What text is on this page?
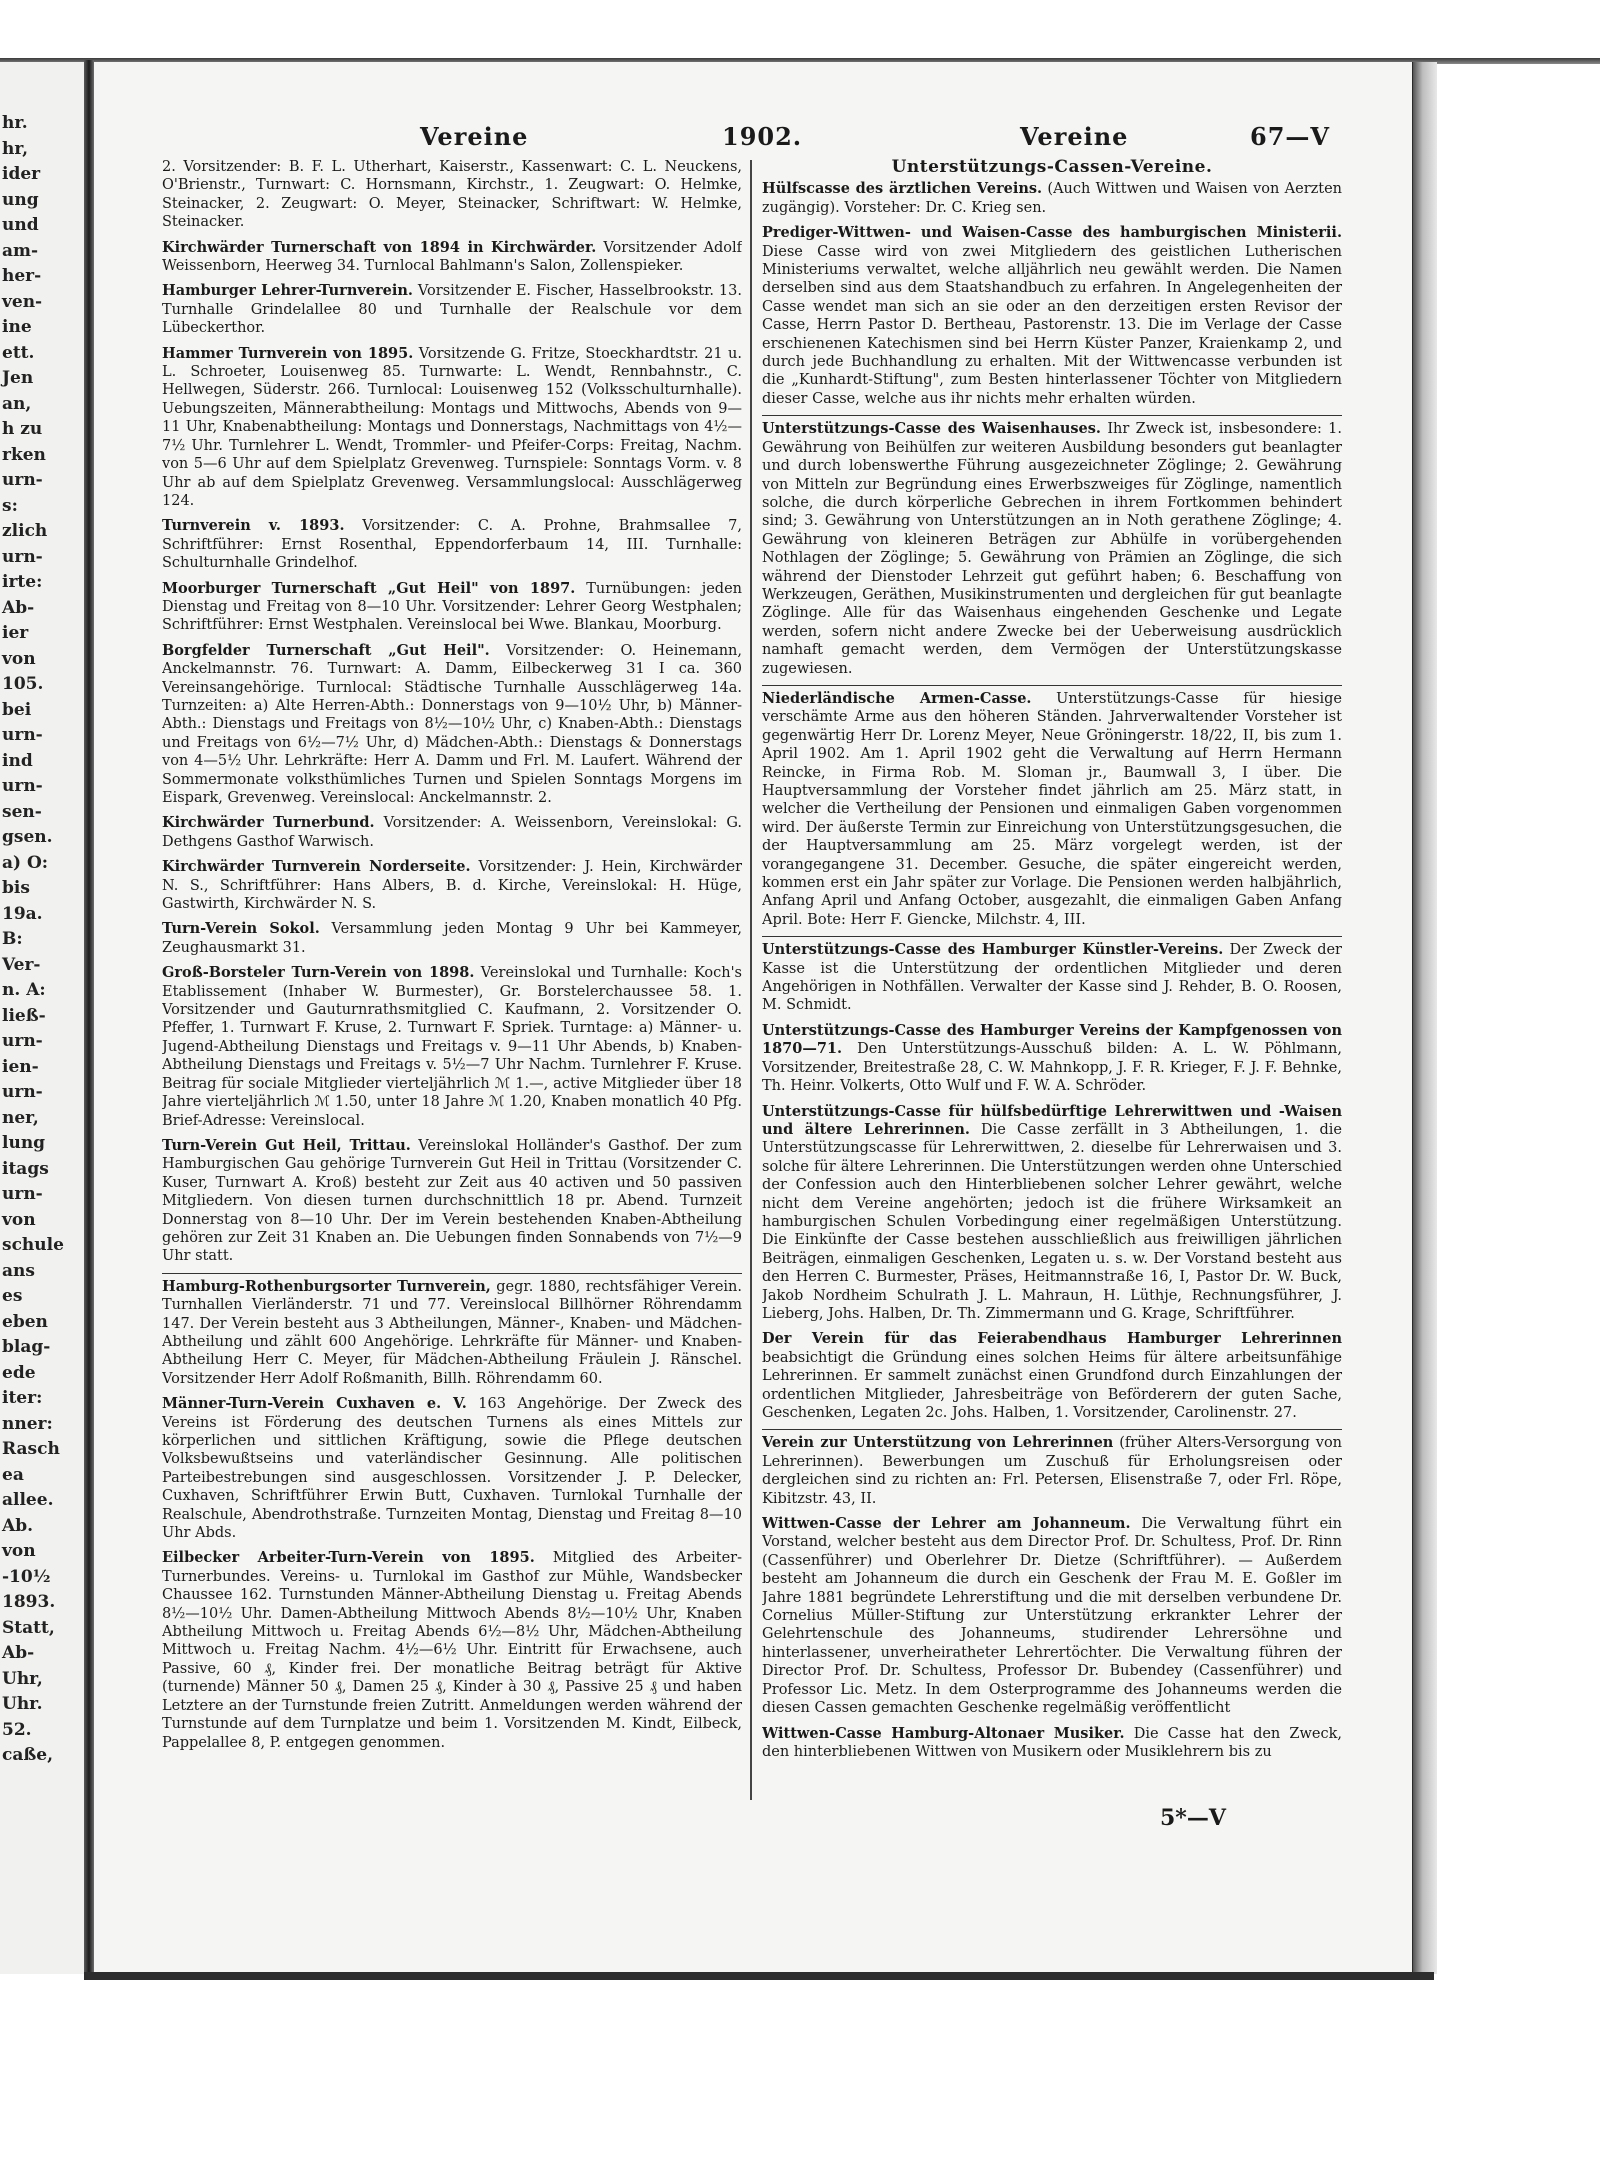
hr.
hr,
ider
ung
und
am-
her-
ven-
ine
ett.
Jen
an,
h zu
rken
urn-
s:
zlich
urn-
irte:
Ab-
ier
von
105.
bei
urn-
ind
urn-
sen-
gsen.
a) O:
bis
19a.
B:
Ver-
n. A:
ließ-
urn-
ien-
urn-
ner,
lung
itags
urn-
von
schule
ans
es
eben
blag-
ede
iter:
nner:
Rasch
ea
allee.
Ab.
von
-10½
1893.
Statt,
Ab-
Uhr,
Uhr.
52.
caße,
Vereine	1902.	Vereine	67—V
2. Vorsitzender: B. F. L. Utherhart, Kaiserstr., Kassenwart: C. L. Neuckens, O'Brienstr., Turnwart: C. Hornsmann, Kirchstr., 1. Zeugwart: O. Helmke, Steinacker, 2. Zeugwart: O. Meyer, Steinacker, Schriftwart: W. Helmke, Steinacker.
Kirchwärder Turnerschaft von 1894 in Kirchwärder. Vorsitzender Adolf Weissenborn, Heerweg 34. Turnlocal Bahlmann's Salon, Zollenspieker.
Hamburger Lehrer-Turnverein. Vorsitzender E. Fischer, Hasselbrookstr. 13. Turnhalle Grindelallee 80 und Turnhalle der Realschule vor dem Lübeckerthor.
Hammer Turnverein von 1895. Vorsitzende G. Fritze, Stoeckhardtstr. 21 u. L. Schroeter, Louisenweg 85. Turnwarte: L. Wendt, Rennbahnstr., C. Hellwegen, Süderstr. 266. Turnlocal: Louisenweg 152 (Volksschulturnhalle). Uebungszeiten, Männerabtheilung: Montags und Mittwochs, Abends von 9—11 Uhr, Knabenabtheilung: Montags und Donnerstags, Nachmittags von 4½—7½ Uhr. Turnlehrer L. Wendt, Trommler- und Pfeifer-Corps: Freitag, Nachm. von 5—6 Uhr auf dem Spielplatz Grevenweg. Turnspiele: Sonntags Vorm. v. 8 Uhr ab auf dem Spielplatz Grevenweg. Versammlungslocal: Ausschlägerweg 124.
Turnverein v. 1893. Vorsitzender: C. A. Prohne, Brahmsallee 7, Schriftführer: Ernst Rosenthal, Eppendorferbaum 14, III. Turnhalle: Schulturnhalle Grindelhof.
Moorburger Turnerschaft „Gut Heil" von 1897. Turnübungen: jeden Dienstag und Freitag von 8—10 Uhr. Vorsitzender: Lehrer Georg Westphalen; Schriftführer: Ernst Westphalen. Vereinslocal bei Wwe. Blankau, Moorburg.
Borgfelder Turnerschaft „Gut Heil". Vorsitzender: O. Heinemann, Anckelmannstr. 76. Turnwart: A. Damm, Eilbeckerweg 31 I ca. 360 Vereinsangehörige. Turnlocal: Städtische Turnhalle Ausschlägerweg 14a. Turnzeiten: a) Alte Herren-Abth.: Donnerstags von 9—10½ Uhr, b) Männer-Abth.: Dienstags und Freitags von 8½—10½ Uhr, c) Knaben-Abth.: Dienstags und Freitags von 6½—7½ Uhr, d) Mädchen-Abth.: Dienstags & Donnerstags von 4—5½ Uhr. Lehrkräfte: Herr A. Damm und Frl. M. Laufert. Während der Sommermonate volksthümliches Turnen und Spielen Sonntags Morgens im Eispark, Grevenweg. Vereinslocal: Anckelmannstr. 2.
Kirchwärder Turnerbund. Vorsitzender: A. Weissenborn, Vereinslokal: G. Dethgens Gasthof Warwisch.
Kirchwärder Turnverein Norderseite. Vorsitzender: J. Hein, Kirchwärder N. S., Schriftführer: Hans Albers, B. d. Kirche, Vereinslokal: H. Hüge, Gastwirth, Kirchwärder N. S.
Turn-Verein Sokol. Versammlung jeden Montag 9 Uhr bei Kammeyer, Zeughausmarkt 31.
Groß-Borsteler Turn-Verein von 1898. Vereinslokal und Turnhalle: Koch's Etablissement (Inhaber W. Burmester), Gr. Borstelerchaussee 58. 1. Vorsitzender und Gauturnrathsmitglied C. Kaufmann, 2. Vorsitzender O. Pfeffer, 1. Turnwart F. Kruse, 2. Turnwart F. Spriek. Turntage: a) Männer- u. Jugend-Abtheilung Dienstags und Freitags v. 9—11 Uhr Abends, b) Knaben-Abtheilung Dienstags und Freitags v. 5½—7 Uhr Nachm. Turnlehrer F. Kruse. Beitrag für sociale Mitglieder vierteljährlich ℳ 1.—, active Mitglieder über 18 Jahre vierteljährlich ℳ 1.50, unter 18 Jahre ℳ 1.20, Knaben monatlich 40 Pfg. Brief-Adresse: Vereinslocal.
Turn-Verein Gut Heil, Trittau. Vereinslokal Holländer's Gasthof. Der zum Hamburgischen Gau gehörige Turnverein Gut Heil in Trittau (Vorsitzender C. Kuser, Turnwart A. Kroß) besteht zur Zeit aus 40 activen und 50 passiven Mitgliedern. Von diesen turnen durchschnittlich 18 pr. Abend. Turnzeit Donnerstag von 8—10 Uhr. Der im Verein bestehenden Knaben-Abtheilung gehören zur Zeit 31 Knaben an. Die Uebungen finden Sonnabends von 7½—9 Uhr statt.
Hamburg-Rothenburgsorter Turnverein, gegr. 1880, rechtsfähiger Verein. Turnhallen Vierländerstr. 71 und 77. Vereinslocal Billhörner Röhrendamm 147. Der Verein besteht aus 3 Abtheilungen, Männer-, Knaben- und Mädchen-Abtheilung und zählt 600 Angehörige. Lehrkräfte für Männer- und Knaben-Abtheilung Herr C. Meyer, für Mädchen-Abtheilung Fräulein J. Ränschel. Vorsitzender Herr Adolf Roßmanith, Billh. Röhrendamm 60.
Männer-Turn-Verein Cuxhaven e. V. 163 Angehörige. Der Zweck des Vereins ist Förderung des deutschen Turnens als eines Mittels zur körperlichen und sittlichen Kräftigung, sowie die Pflege deutschen Volksbewußtseins und vaterländischer Gesinnung. Alle politischen Parteibestrebungen sind ausgeschlossen. Vorsitzender J. P. Delecker, Cuxhaven, Schriftführer Erwin Butt, Cuxhaven. Turnlokal Turnhalle der Realschule, Abendrothstraße. Turnzeiten Montag, Dienstag und Freitag 8—10 Uhr Abds.
Eilbecker Arbeiter-Turn-Verein von 1895. Mitglied des Arbeiter-Turnerbundes. Vereins- u. Turnlokal im Gasthof zur Mühle, Wandsbecker Chaussee 162. Turnstunden Männer-Abtheilung Dienstag u. Freitag Abends 8½—10½ Uhr. Damen-Abtheilung Mittwoch Abends 8½—10½ Uhr, Knaben Abtheilung Mittwoch u. Freitag Abends 6½—8½ Uhr, Mädchen-Abtheilung Mittwoch u. Freitag Nachm. 4½—6½ Uhr. Eintritt für Erwachsene, auch Passive, 60 ₰, Kinder frei. Der monatliche Beitrag beträgt für Aktive (turnende) Männer 50 ₰, Damen 25 ₰, Kinder à 30 ₰, Passive 25 ₰ und haben Letztere an der Turnstunde freien Zutritt. Anmeldungen werden während der Turnstunde auf dem Turnplatze und beim 1. Vorsitzenden M. Kindt, Eilbeck, Pappelallee 8, P. entgegen genommen.
Unterstützungs-Cassen-Vereine.
Hülfscasse des ärztlichen Vereins. (Auch Wittwen und Waisen von Aerzten zugängig). Vorsteher: Dr. C. Krieg sen.
Prediger-Wittwen- und Waisen-Casse des hamburgischen Ministerii. Diese Casse wird von zwei Mitgliedern des geistlichen Lutherischen Ministeriums verwaltet, welche alljährlich neu gewählt werden. Die Namen derselben sind aus dem Staatshandbuch zu erfahren. In Angelegenheiten der Casse wendet man sich an sie oder an den derzeitigen ersten Revisor der Casse, Herrn Pastor D. Bertheau, Pastorenstr. 13. Die im Verlage der Casse erschienenen Katechismen sind bei Herrn Küster Panzer, Kraienkamp 2, und durch jede Buchhandlung zu erhalten. Mit der Wittwencasse verbunden ist die „Kunhardt-Stiftung", zum Besten hinterlassener Töchter von Mitgliedern dieser Casse, welche aus ihr nichts mehr erhalten würden.
Unterstützungs-Casse des Waisenhauses. Ihr Zweck ist, insbesondere: 1. Gewährung von Beihülfen zur weiteren Ausbildung besonders gut beanlagter und durch lobenswerthe Führung ausgezeichneter Zöglinge; 2. Gewährung von Mitteln zur Begründung eines Erwerbszweiges für Zöglinge, namentlich solche, die durch körperliche Gebrechen in ihrem Fortkommen behindert sind; 3. Gewährung von Unterstützungen an in Noth gerathene Zöglinge; 4. Gewährung von kleineren Beträgen zur Abhülfe in vorübergehenden Nothlagen der Zöglinge; 5. Gewährung von Prämien an Zöglinge, die sich während der Dienstoder Lehrzeit gut geführt haben; 6. Beschaffung von Werkzeugen, Geräthen, Musikinstrumenten und dergleichen für gut beanlagte Zöglinge. Alle für das Waisenhaus eingehenden Geschenke und Legate werden, sofern nicht andere Zwecke bei der Ueberweisung ausdrücklich namhaft gemacht werden, dem Vermögen der Unterstützungskasse zugewiesen.
Niederländische Armen-Casse. Unterstützungs-Casse für hiesige verschämte Arme aus den höheren Ständen. Jahrverwaltender Vorsteher ist gegenwärtig Herr Dr. Lorenz Meyer, Neue Gröningerstr. 18/22, II, bis zum 1. April 1902. Am 1. April 1902 geht die Verwaltung auf Herrn Hermann Reincke, in Firma Rob. M. Sloman jr., Baumwall 3, I über. Die Hauptversammlung der Vorsteher findet jährlich am 25. März statt, in welcher die Vertheilung der Pensionen und einmaligen Gaben vorgenommen wird. Der äußerste Termin zur Einreichung von Unterstützungsgesuchen, die der Hauptversammlung am 25. März vorgelegt werden, ist der vorangegangene 31. December. Gesuche, die später eingereicht werden, kommen erst ein Jahr später zur Vorlage. Die Pensionen werden halbjährlich, Anfang April und Anfang October, ausgezahlt, die einmaligen Gaben Anfang April. Bote: Herr F. Giencke, Milchstr. 4, III.
Unterstützungs-Casse des Hamburger Künstler-Vereins. Der Zweck der Kasse ist die Unterstützung der ordentlichen Mitglieder und deren Angehörigen in Nothfällen. Verwalter der Kasse sind J. Rehder, B. O. Roosen, M. Schmidt.
Unterstützungs-Casse des Hamburger Vereins der Kampfgenossen von 1870—71. Den Unterstützungs-Ausschuß bilden: A. L. W. Pöhlmann, Vorsitzender, Breitestraße 28, C. W. Mahnkopp, J. F. R. Krieger, F. J. F. Behnke, Th. Heinr. Volkerts, Otto Wulf und F. W. A. Schröder.
Unterstützungs-Casse für hülfsbedürftige Lehrerwittwen und -Waisen und ältere Lehrerinnen. Die Casse zerfällt in 3 Abtheilungen, 1. die Unterstützungscasse für Lehrerwittwen, 2. dieselbe für Lehrerwaisen und 3. solche für ältere Lehrerinnen. Die Unterstützungen werden ohne Unterschied der Confession auch den Hinterbliebenen solcher Lehrer gewährt, welche nicht dem Vereine angehörten; jedoch ist die frühere Wirksamkeit an hamburgischen Schulen Vorbedingung einer regelmäßigen Unterstützung. Die Einkünfte der Casse bestehen ausschließlich aus freiwilligen jährlichen Beiträgen, einmaligen Geschenken, Legaten u. s. w. Der Vorstand besteht aus den Herren C. Burmester, Präses, Heitmannstraße 16, I, Pastor Dr. W. Buck, Jakob Nordheim Schulrath J. L. Mahraun, H. Lüthje, Rechnungsführer, J. Lieberg, Johs. Halben, Dr. Th. Zimmermann und G. Krage, Schriftführer.
Der Verein für das Feierabendhaus Hamburger Lehrerinnen beabsichtigt die Gründung eines solchen Heims für ältere arbeitsunfähige Lehrerinnen. Er sammelt zunächst einen Grundfond durch Einzahlungen der ordentlichen Mitglieder, Jahresbeiträge von Beförderern der guten Sache, Geschenken, Legaten 2c. Johs. Halben, 1. Vorsitzender, Carolinenstr. 27.
Verein zur Unterstützung von Lehrerinnen (früher Alters-Versorgung von Lehrerinnen). Bewerbungen um Zuschuß für Erholungsreisen oder dergleichen sind zu richten an: Frl. Petersen, Elisenstraße 7, oder Frl. Röpe, Kibitzstr. 43, II.
Wittwen-Casse der Lehrer am Johanneum. Die Verwaltung führt ein Vorstand, welcher besteht aus dem Director Prof. Dr. Schultess, Prof. Dr. Rinn (Cassenführer) und Oberlehrer Dr. Dietze (Schriftführer). — Außerdem besteht am Johanneum die durch ein Geschenk der Frau M. E. Goßler im Jahre 1881 begründete Lehrerstiftung und die mit derselben verbundene Dr. Cornelius Müller-Stiftung zur Unterstützung erkrankter Lehrer der Gelehrtenschule des Johanneums, studirender Lehrersöhne und hinterlassener, unverheiratheter Lehrertöchter. Die Verwaltung führen der Director Prof. Dr. Schultess, Professor Dr. Bubendey (Cassenführer) und Professor Lic. Metz. In dem Osterprogramme des Johanneums werden die diesen Cassen gemachten Geschenke regelmäßig veröffentlicht
Wittwen-Casse Hamburg-Altonaer Musiker. Die Casse hat den Zweck, den hinterbliebenen Wittwen von Musikern oder Musiklehrern bis zu
5*—V
